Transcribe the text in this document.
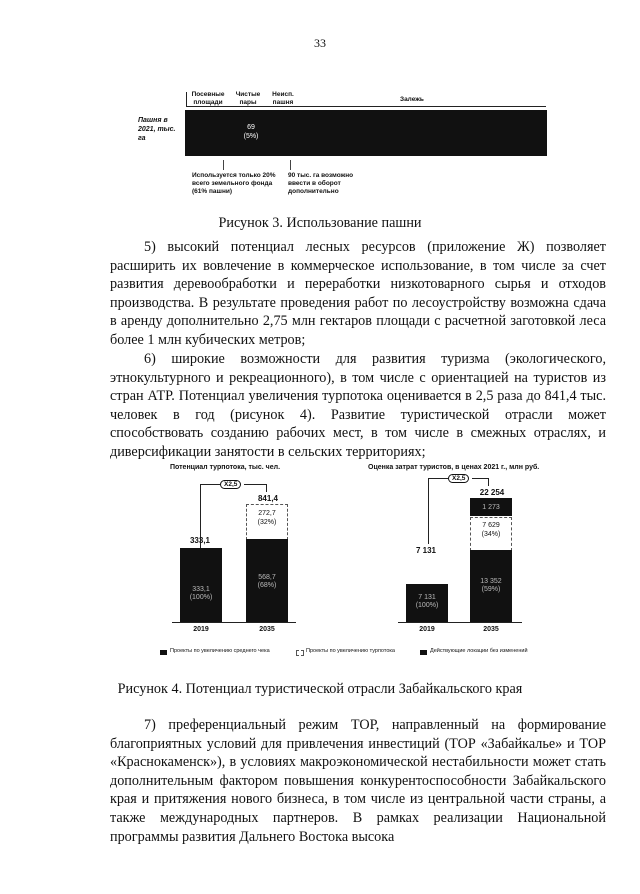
33
Посевные площади
Чистые пары
Неисп. пашня	Залежь
Пашня в 2021, тыс. га
69
(5%)
Используется только 20% всего земельного фонда (61% пашни)
90 тыс. га возможно ввести в оборот дополнительно
Рисунок 3. Использование пашни
5) высокий потенциал лесных ресурсов (приложение Ж) позволяет расширить их вовлечение в коммерческое использование, в том числе за счет развития деревообработки и переработки низкотоварного сырья и отходов производства. В результате проведения работ по лесоустройству возможна сдача в аренду дополнительно 2,75 млн гектаров площади с расчетной заготовкой леса более 1 млн кубических метров;
6) широкие возможности для развития туризма (экологического, этнокультурного и рекреационного), в том числе с ориентацией на туристов из стран АТР. Потенциал увеличения турпотока оценивается в 2,5 раза до 841,4 тыс. человек в год (рисунок 4). Развитие туристической отрасли может способствовать созданию рабочих мест, в том числе в смежных отраслях, и диверсификации занятости в сельских территориях;
Потенциал турпотока, тыс. чел.
X2,5
333,1
333,1
(100%)
841,4
272,7
(32%)
568,7
(68%)
2019	2035
Оценка затрат туристов, в ценах 2021 г., млн руб.
X2,5
7 131
7 131
(100%)
22 254
1 273
7 629
(34%)
13 352
(59%)
2019	2035
Проекты по увеличению среднего чека	Проекты по увеличению турпотока	Действующие локации без изменений
Рисунок 4. Потенциал туристической отрасли Забайкальского края
7) преференциальный режим ТОР, направленный на формирование благоприятных условий для привлечения инвестиций (ТОР «Забайкалье» и ТОР «Краснокаменск»), в условиях макроэкономической нестабильности может стать дополнительным фактором повышения конкурентоспособности Забайкальского края и притяжения нового бизнеса, в том числе из центральной части страны, а также международных партнеров. В рамках реализации Национальной программы развития Дальнего Востока высока
